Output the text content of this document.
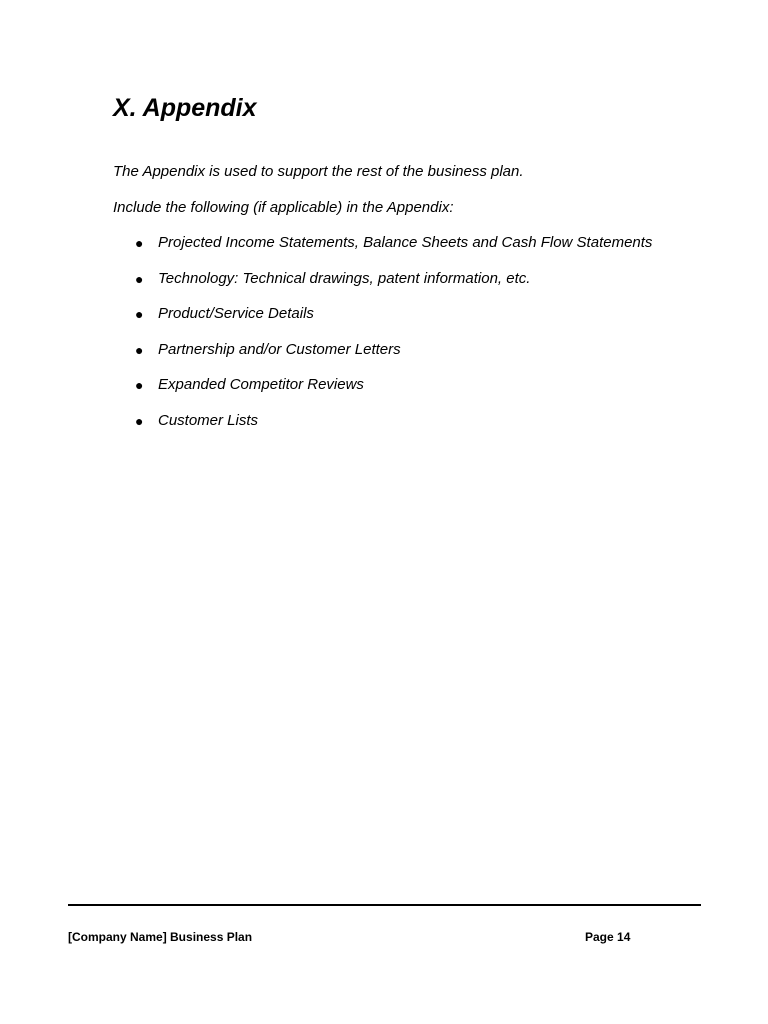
X. Appendix

The Appendix is used to support the rest of the business plan.

Include the following (if applicable) in the Appendix:

● Projected Income Statements, Balance Sheets and Cash Flow Statements
● Technology: Technical drawings, patent information, etc.
● Product/Service Details
● Partnership and/or Customer Letters
● Expanded Competitor Reviews
● Customer Lists
[Company Name] Business Plan	Page 14
